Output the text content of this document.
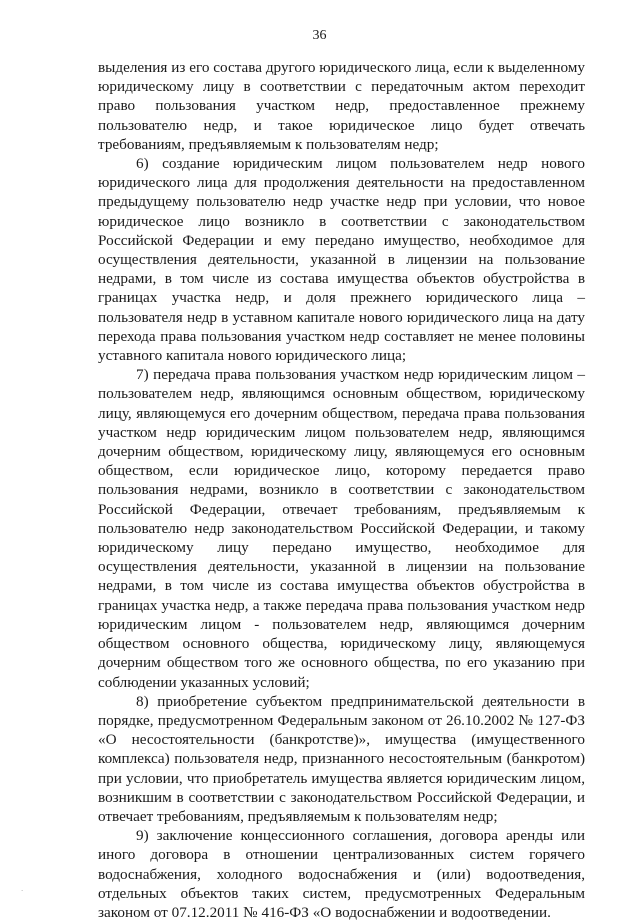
36

выделения из его состава другого юридического лица, если к выделенному юридическому лицу в соответствии с передаточным актом переходит право пользования участком недр, предоставленное прежнему пользователю недр, и такое юридическое лицо будет отвечать требованиям, предъявляемым к пользователям недр;

6) создание юридическим лицом пользователем недр нового юридического лица для продолжения деятельности на предоставленном предыдущему пользователю недр участке недр при условии, что новое юридическое лицо возникло в соответствии с законодательством Российской Федерации и ему передано имущество, необходимое для осуществления деятельности, указанной в лицензии на пользование недрами, в том числе из состава имущества объектов обустройства в границах участка недр, и доля прежнего юридического лица – пользователя недр в уставном капитале нового юридического лица на дату перехода права пользования участком недр составляет не менее половины уставного капитала нового юридического лица;

7) передача права пользования участком недр юридическим лицом – пользователем недр, являющимся основным обществом, юридическому лицу, являющемуся его дочерним обществом, передача права пользования участком недр юридическим лицом пользователем недр, являющимся дочерним обществом, юридическому лицу, являющемуся его основным обществом, если юридическое лицо, которому передается право пользования недрами, возникло в соответствии с законодательством Российской Федерации, отвечает требованиям, предъявляемым к пользователю недр законодательством Российской Федерации, и такому юридическому лицу передано имущество, необходимое для осуществления деятельности, указанной в лицензии на пользование недрами, в том числе из состава имущества объектов обустройства в границах участка недр, а также передача права пользования участком недр юридическим лицом - пользователем недр, являющимся дочерним обществом основного общества, юридическому лицу, являющемуся дочерним обществом того же основного общества, по его указанию при соблюдении указанных условий;

8) приобретение субъектом предпринимательской деятельности в порядке, предусмотренном Федеральным законом от 26.10.2002 № 127-ФЗ «О несостоятельности (банкротстве)», имущества (имущественного комплекса) пользователя недр, признанного несостоятельным (банкротом) при условии, что приобретатель имущества является юридическим лицом, возникшим в соответствии с законодательством Российской Федерации, и отвечает требованиям, предъявляемым к пользователям недр;

9) заключение концессионного соглашения, договора аренды или иного договора в отношении централизованных систем горячего водоснабжения, холодного водоснабжения и (или) водоотведения, отдельных объектов таких систем, предусмотренных Федеральным законом от 07.12.2011 № 416-ФЗ «О водоснабжении и водоотведении.

·
